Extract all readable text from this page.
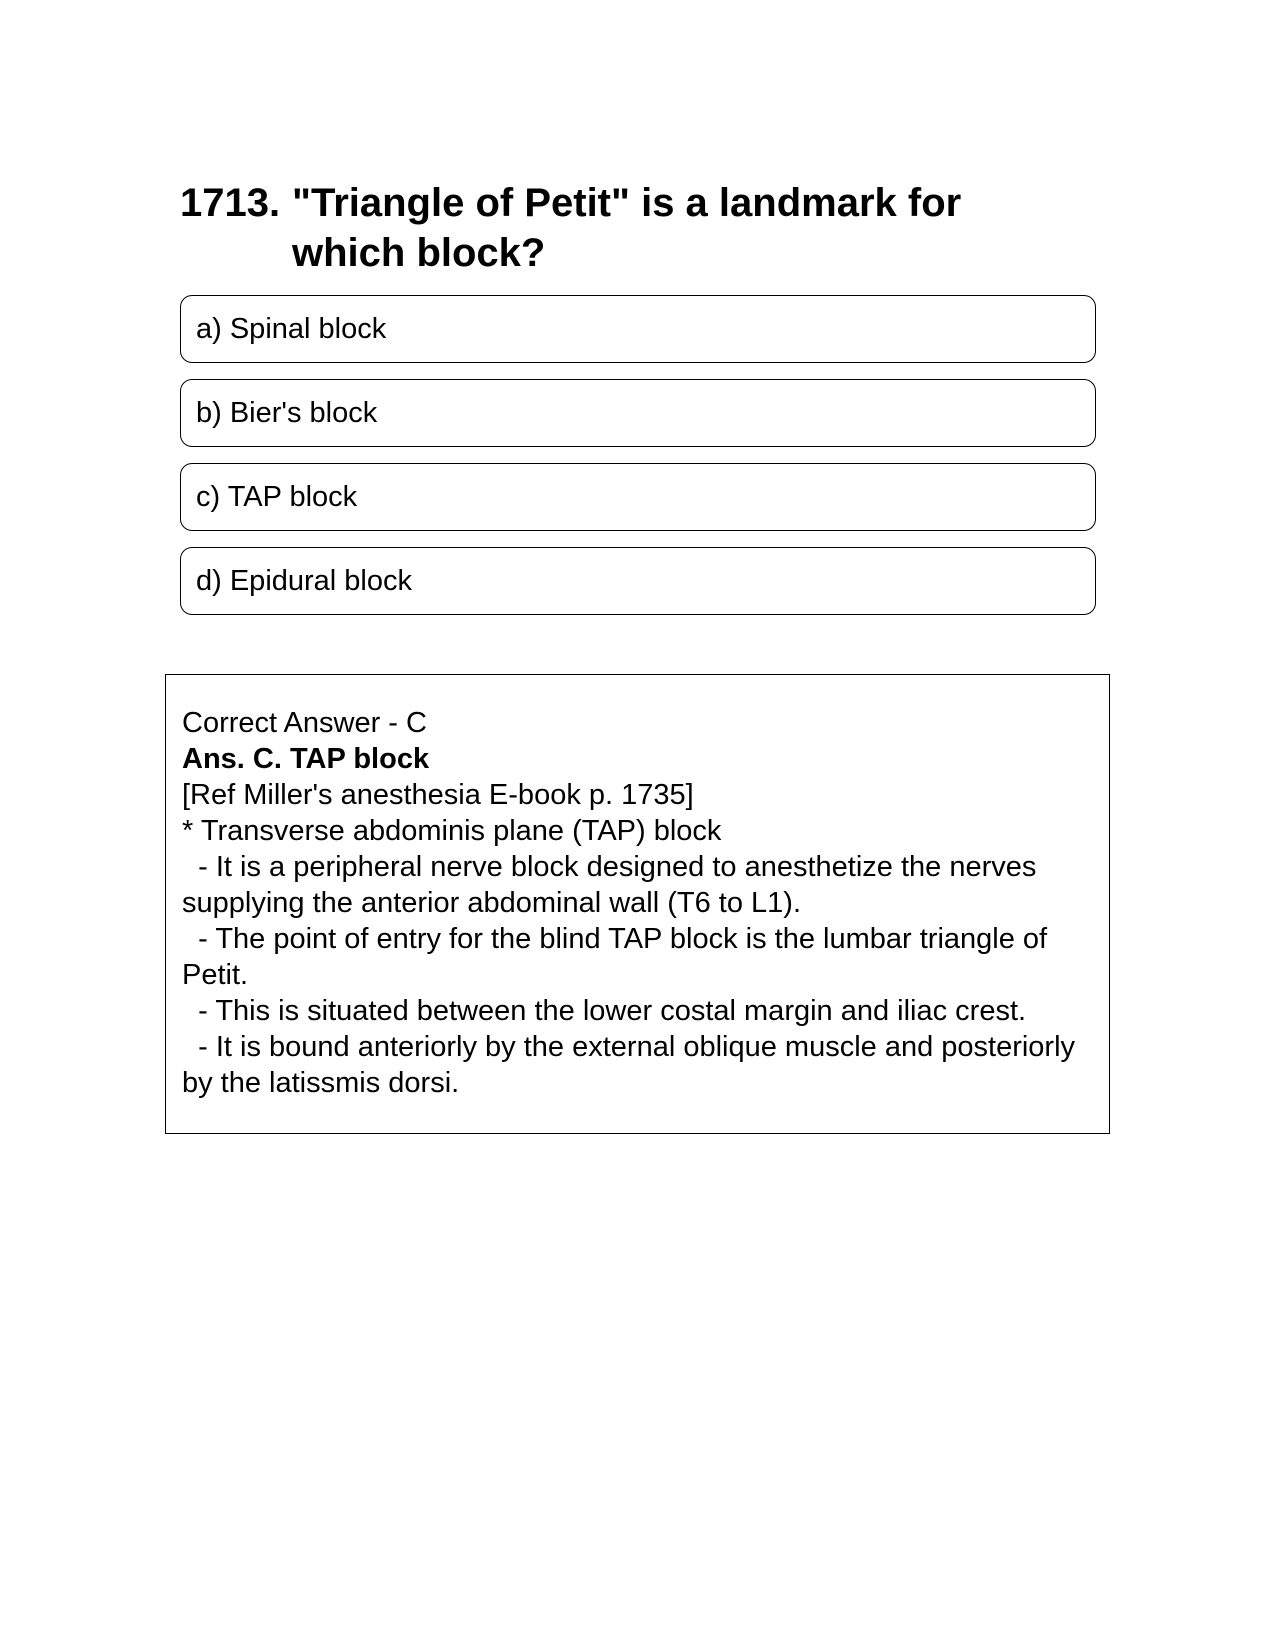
1713. "Triangle of Petit" is a landmark for which block?
a) Spinal block
b) Bier's block
c) TAP block
d) Epidural block
Correct Answer - C
Ans. C. TAP block
[Ref Miller's anesthesia E-book p. 1735]
* Transverse abdominis plane (TAP) block
- It is a peripheral nerve block designed to anesthetize the nerves supplying the anterior abdominal wall (T6 to L1).
- The point of entry for the blind TAP block is the lumbar triangle of Petit.
- This is situated between the lower costal margin and iliac crest.
- It is bound anteriorly by the external oblique muscle and posteriorly by the latissmis dorsi.
